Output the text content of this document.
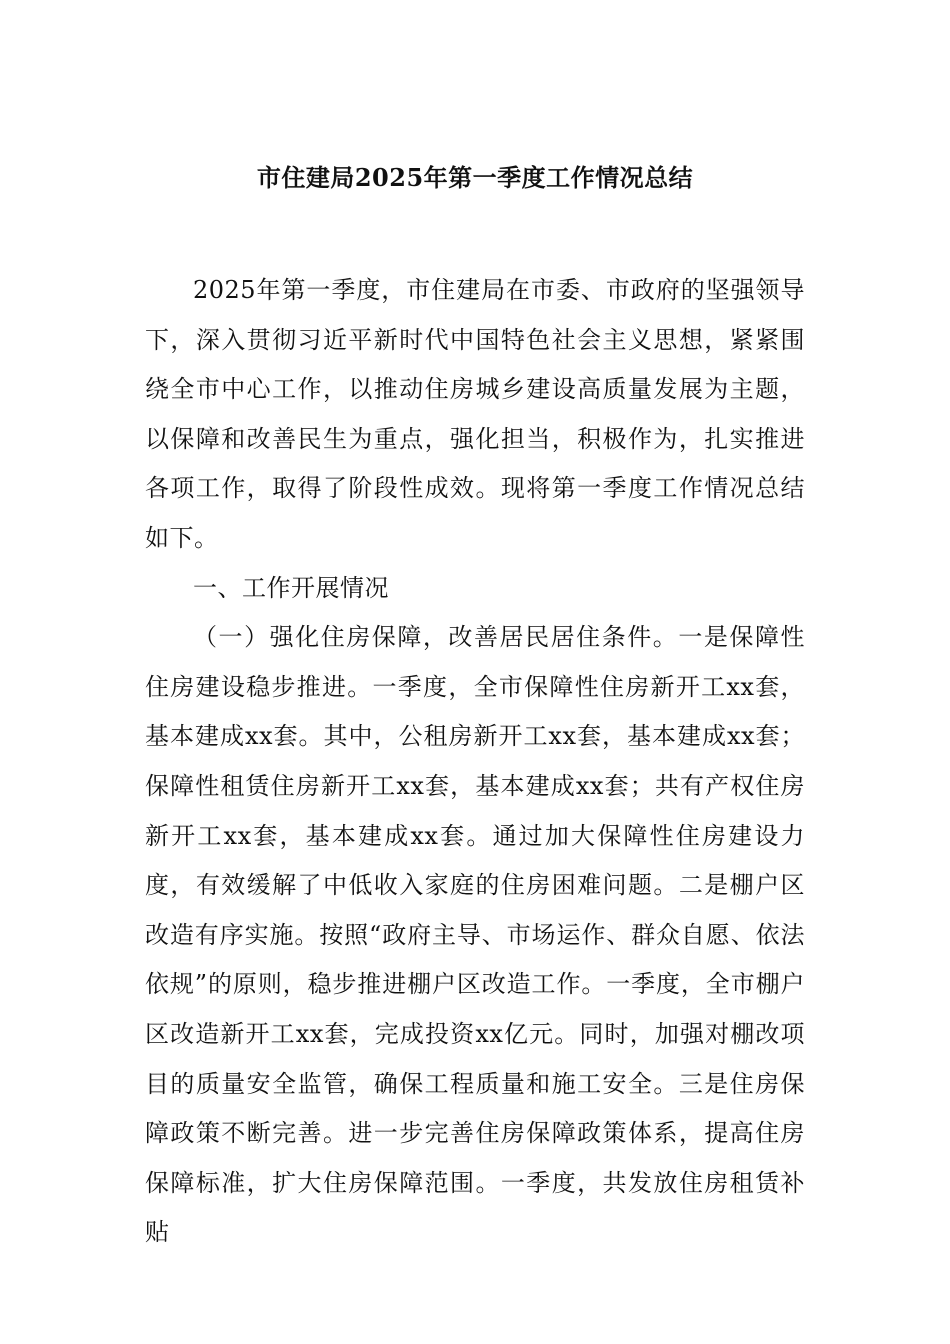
市住建局2025年第一季度工作情况总结

2025年第一季度，市住建局在市委、市政府的坚强领导下，深入贯彻习近平新时代中国特色社会主义思想，紧紧围绕全市中心工作，以推动住房城乡建设高质量发展为主题，以保障和改善民生为重点，强化担当，积极作为，扎实推进各项工作，取得了阶段性成效。现将第一季度工作情况总结如下。

一、工作开展情况

（一）强化住房保障，改善居民居住条件。一是保障性住房建设稳步推进。一季度，全市保障性住房新开工xx套，基本建成xx套。其中，公租房新开工xx套，基本建成xx套；保障性租赁住房新开工xx套，基本建成xx套；共有产权住房新开工xx套，基本建成xx套。通过加大保障性住房建设力度，有效缓解了中低收入家庭的住房困难问题。二是棚户区改造有序实施。按照“政府主导、市场运作、群众自愿、依法依规”的原则，稳步推进棚户区改造工作。一季度，全市棚户区改造新开工xx套，完成投资xx亿元。同时，加强对棚改项目的质量安全监管，确保工程质量和施工安全。三是住房保障政策不断完善。进一步完善住房保障政策体系，提高住房保障标准，扩大住房保障范围。一季度，共发放住房租赁补贴
